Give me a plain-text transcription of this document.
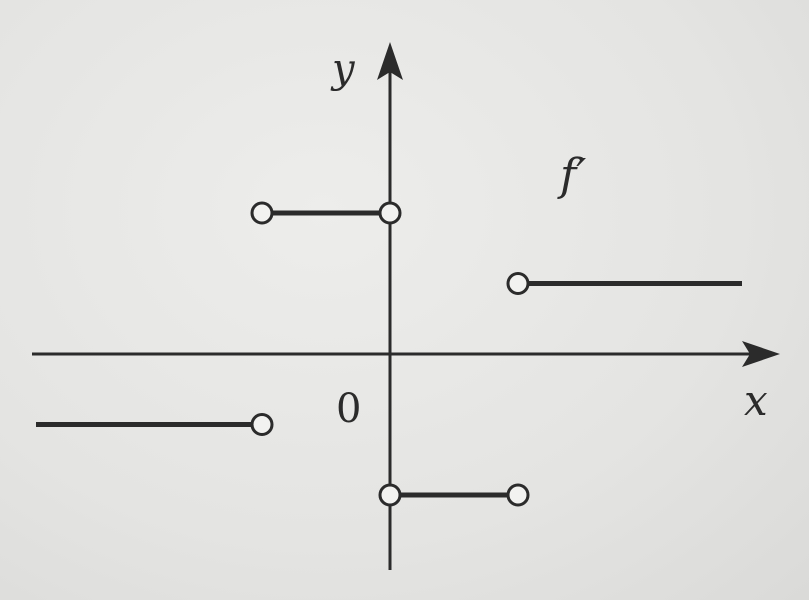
y
x
0
f′
